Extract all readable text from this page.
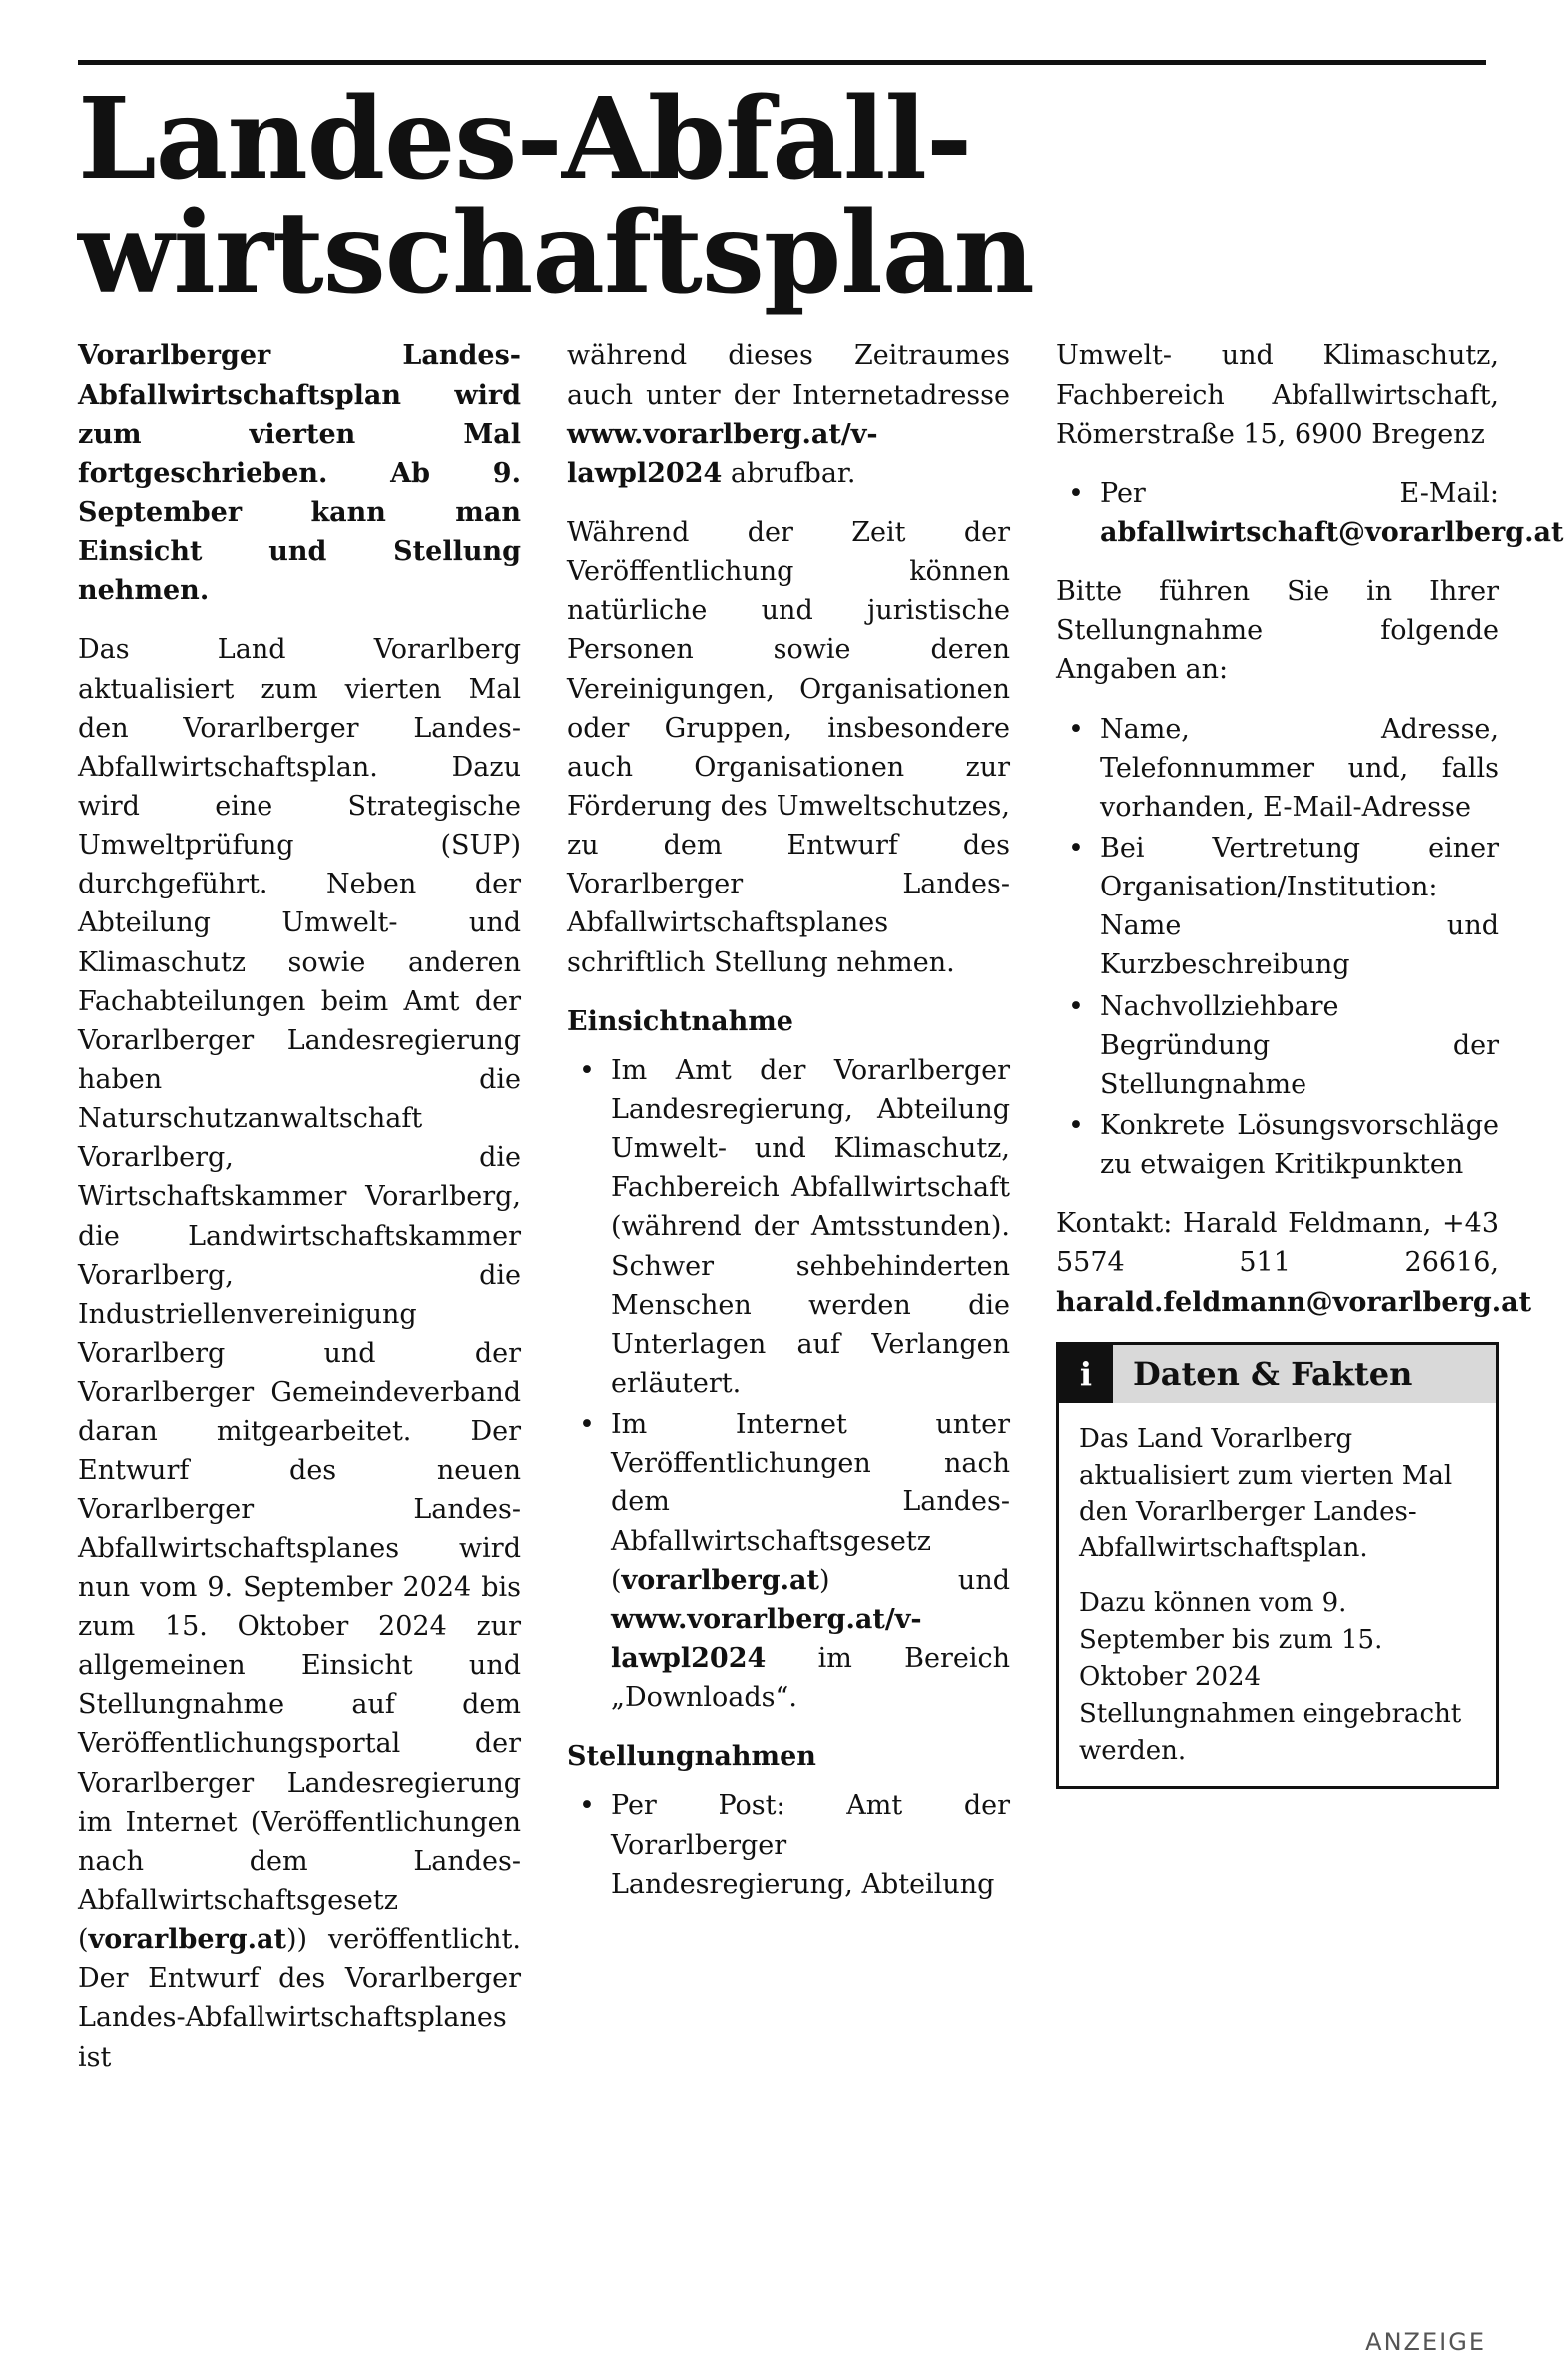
Landes-Abfall-
wirtschaftsplan

Vorarlberger Landes-Abfallwirtschaftsplan wird zum vierten Mal fortgeschrieben. Ab 9. September kann man Einsicht und Stellung nehmen.

Das Land Vorarlberg aktualisiert zum vierten Mal den Vorarlberger Landes-Abfallwirtschaftsplan. Dazu wird eine Strategische Umweltprüfung (SUP) durchgeführt. Neben der Abteilung Umwelt- und Klimaschutz sowie anderen Fachabteilungen beim Amt der Vorarlberger Landesregierung haben die Naturschutzanwaltschaft Vorarlberg, die Wirtschaftskammer Vorarlberg, die Landwirtschaftskammer Vorarlberg, die Industriellenvereinigung Vorarlberg und der Vorarlberger Gemeindeverband daran mitgearbeitet. Der Entwurf des neuen Vorarlberger Landes-Abfallwirtschaftsplanes wird nun vom 9. September 2024 bis zum 15. Oktober 2024 zur allgemeinen Einsicht und Stellungnahme auf dem Veröffentlichungsportal der Vorarlberger Landesregierung im Internet (Veröffentlichungen nach dem Landes-Abfallwirtschaftsgesetz (vorarlberg.at)) veröffentlicht. Der Entwurf des Vorarlberger Landes-Abfallwirtschaftsplanes ist

während dieses Zeitraumes auch unter der Internetadresse www.vorarlberg.at/v-lawpl2024 abrufbar.

Während der Zeit der Veröffentlichung können natürliche und juristische Personen sowie deren Vereinigungen, Organisationen oder Gruppen, insbesondere auch Organisationen zur Förderung des Umweltschutzes, zu dem Entwurf des Vorarlberger Landes-Abfallwirtschaftsplanes schriftlich Stellung nehmen.

Einsichtnahme
• Im Amt der Vorarlberger Landesregierung, Abteilung Umwelt- und Klimaschutz, Fachbereich Abfallwirtschaft (während der Amtsstunden). Schwer sehbehinderten Menschen werden die Unterlagen auf Verlangen erläutert.
• Im Internet unter Veröffentlichungen nach dem Landes-Abfallwirtschaftsgesetz (vorarlberg.at) und www.vorarlberg.at/v-lawpl2024 im Bereich „Downloads“.
Stellungnahmen
• Per Post: Amt der Vorarlberger Landesregierung, Abteilung

Umwelt- und Klimaschutz, Fachbereich Abfallwirtschaft, Römerstraße 15, 6900 Bregenz

• Per E-Mail: abfallwirtschaft@vorarlberg.at

Bitte führen Sie in Ihrer Stellungnahme folgende Angaben an:

• Name, Adresse, Telefonnummer und, falls vorhanden, E-Mail-Adresse
• Bei Vertretung einer Organisation/Institution: Name und Kurzbeschreibung
• Nachvollziehbare Begründung der Stellungnahme
• Konkrete Lösungsvorschläge zu etwaigen Kritikpunkten

Kontakt: Harald Feldmann, +43 5574 511 26616, harald.feldmann@vorarlberg.at

i	Daten & Fakten

Das Land Vorarlberg aktualisiert zum vierten Mal den Vorarlberger Landes-Abfallwirtschaftsplan.

Dazu können vom 9. September bis zum 15. Oktober 2024 Stellungnahmen eingebracht werden.

ANZEIGE
